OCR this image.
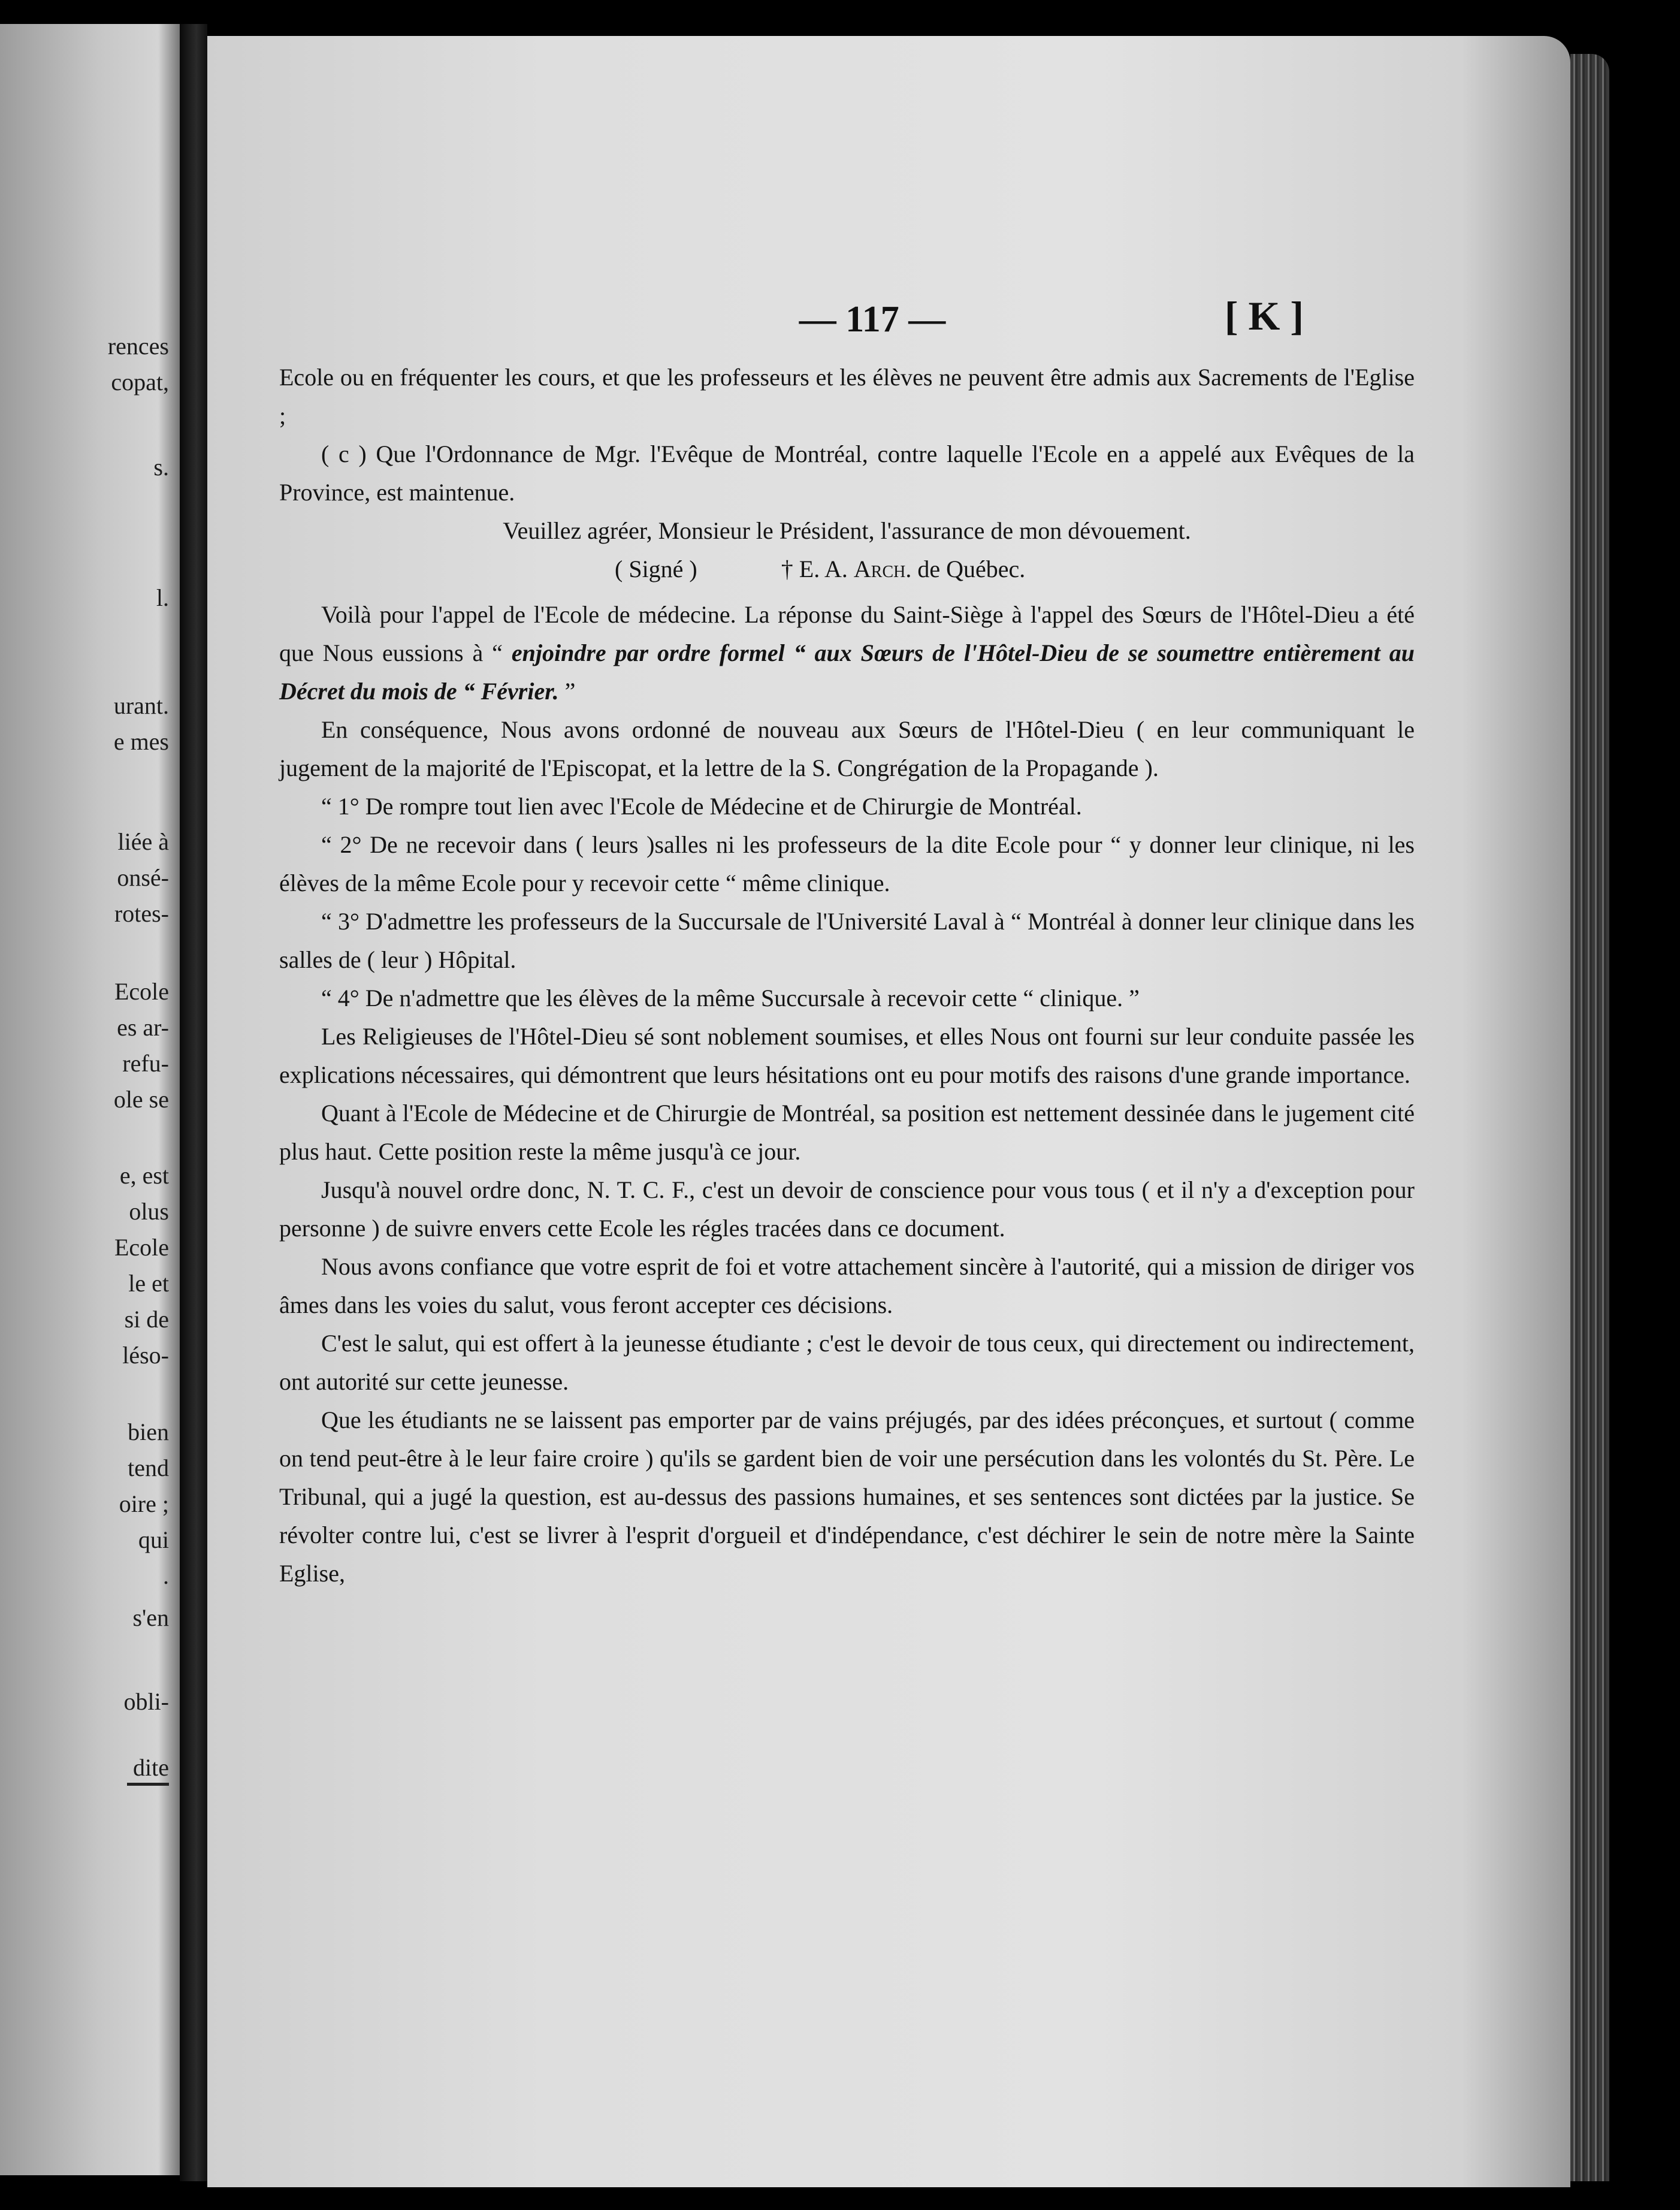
rences
copat,
s.
l.
urant.
e mes
liée à
onsé-
rotes-
Ecole
es ar-
refu-
ole se
e, est
olus
Ecole
le et
si de
léso-
bien
tend
oire ;
qui
.
s'en
obli-
dite
— 117 —	[ K ]

Ecole ou en fréquenter les cours, et que les professeurs et les élèves ne peuvent être admis aux Sacrements de l'Eglise ;

( c ) Que l'Ordonnance de Mgr. l'Evêque de Montréal, contre laquelle l'Ecole en a appelé aux Evêques de la Province, est maintenue.

Veuillez agréer, Monsieur le Président, l'assurance de mon dévouement.

( Signé )	† E. A. Arch. de Québec.

Voilà pour l'appel de l'Ecole de médecine. La réponse du Saint-Siège à l'appel des Sœurs de l'Hôtel-Dieu a été que Nous eussions à “ enjoindre par ordre formel “ aux Sœurs de l'Hôtel-Dieu de se soumettre entièrement au Décret du mois de “ Février. ”

En conséquence, Nous avons ordonné de nouveau aux Sœurs de l'Hôtel-Dieu ( en leur communiquant le jugement de la majorité de l'Episcopat, et la lettre de la S. Congrégation de la Propagande ).

“ 1° De rompre tout lien avec l'Ecole de Médecine et de Chirurgie de Montréal.

“ 2° De ne recevoir dans ( leurs )salles ni les professeurs de la dite Ecole pour “ y donner leur clinique, ni les élèves de la même Ecole pour y recevoir cette “ même clinique.

“ 3° D'admettre les professeurs de la Succursale de l'Université Laval à “ Montréal à donner leur clinique dans les salles de ( leur ) Hôpital.

“ 4° De n'admettre que les élèves de la même Succursale à recevoir cette “ clinique. ”

Les Religieuses de l'Hôtel-Dieu sé sont noblement soumises, et elles Nous ont fourni sur leur conduite passée les explications nécessaires, qui démontrent que leurs hésitations ont eu pour motifs des raisons d'une grande importance.

Quant à l'Ecole de Médecine et de Chirurgie de Montréal, sa position est nettement dessinée dans le jugement cité plus haut. Cette position reste la même jusqu'à ce jour.

Jusqu'à nouvel ordre donc, N. T. C. F., c'est un devoir de conscience pour vous tous ( et il n'y a d'exception pour personne ) de suivre envers cette Ecole les régles tracées dans ce document.

Nous avons confiance que votre esprit de foi et votre attachement sincère à l'autorité, qui a mission de diriger vos âmes dans les voies du salut, vous feront accepter ces décisions.

C'est le salut, qui est offert à la jeunesse étudiante ; c'est le devoir de tous ceux, qui directement ou indirectement, ont autorité sur cette jeunesse.

Que les étudiants ne se laissent pas emporter par de vains préjugés, par des idées préconçues, et surtout ( comme on tend peut-être à le leur faire croire ) qu'ils se gardent bien de voir une persécution dans les volontés du St. Père. Le Tribunal, qui a jugé la question, est au-dessus des passions humaines, et ses sentences sont dictées par la justice. Se révolter contre lui, c'est se livrer à l'esprit d'orgueil et d'indépendance, c'est déchirer le sein de notre mère la Sainte Eglise,
